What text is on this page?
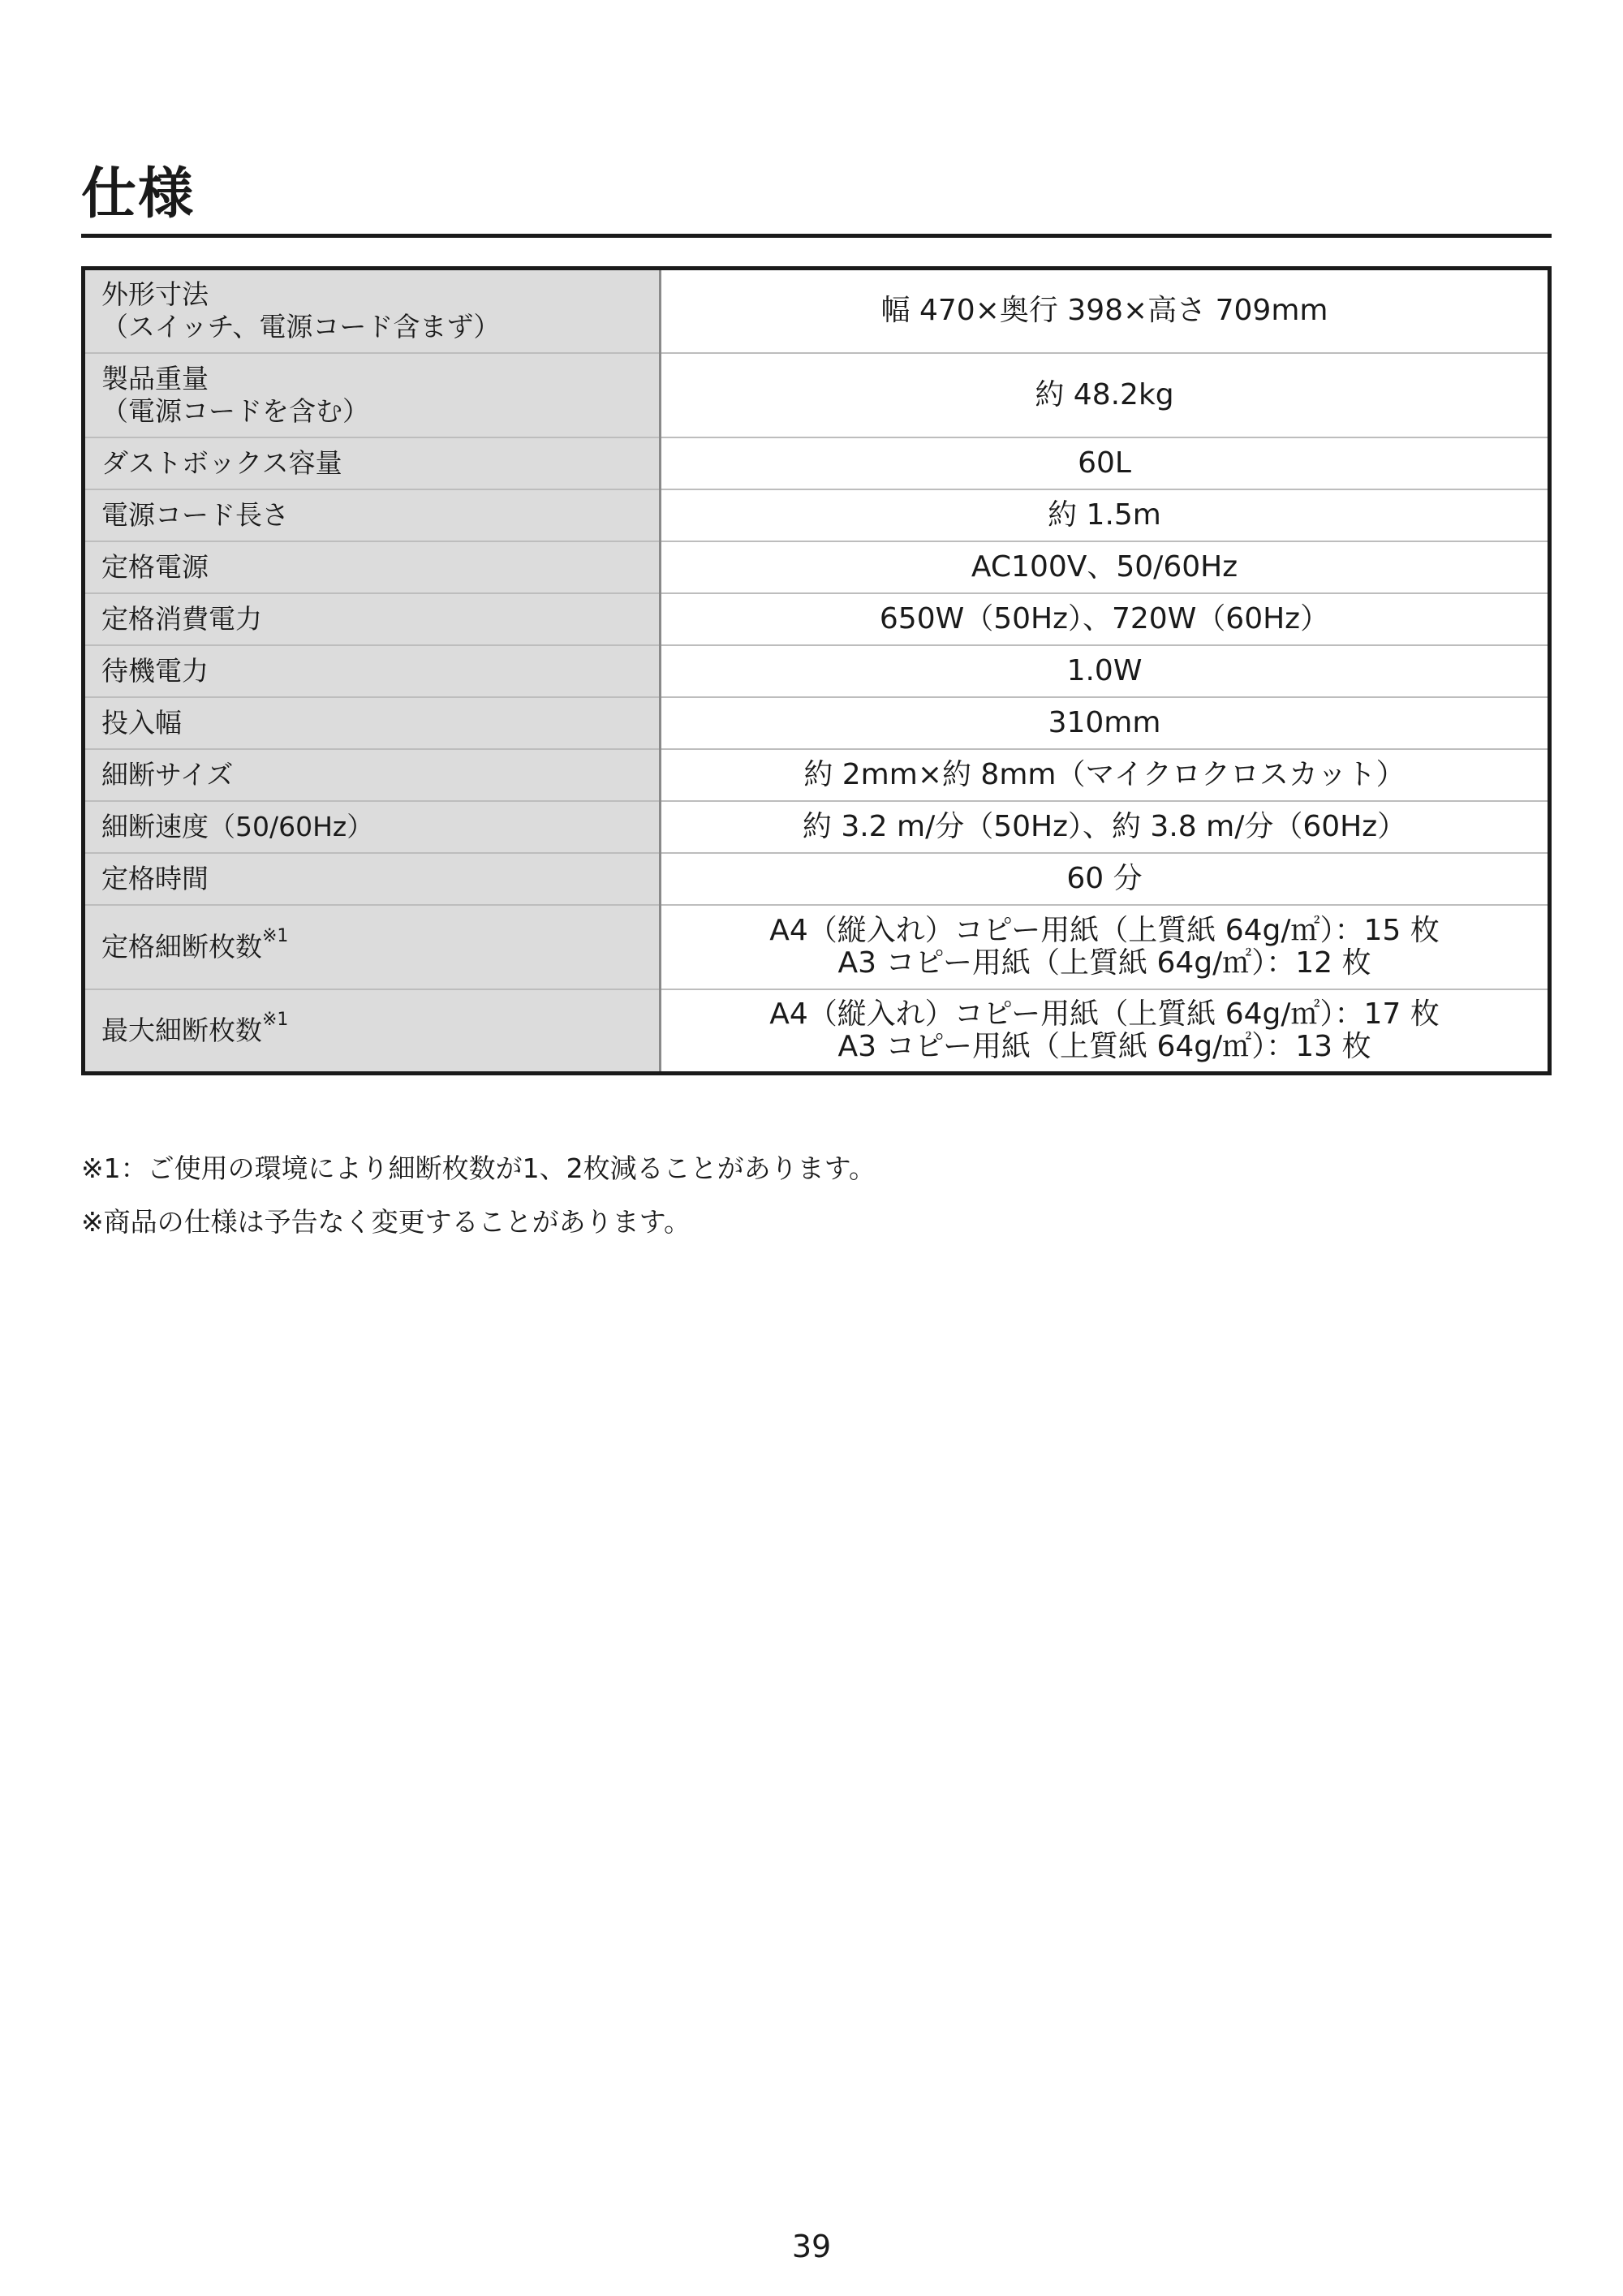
仕様
外形寸法
（スイッチ、電源コード含まず）	幅 470×奥行 398×高さ 709mm

製品重量
（電源コードを含む）	約 48.2kg

ダストボックス容量	60L
電源コード長さ	約 1.5m
定格電源	AC100V、50/60Hz
定格消費電力	650W（50Hz）、720W（60Hz）
待機電力	1.0W
投入幅	310mm
細断サイズ	約 2mm×約 8mm（マイクロクロスカット）
細断速度（50/60Hz）	約 3.2 m/分（50Hz）、約 3.8 m/分（60Hz）
定格時間	60 分
定格細断枚数$^{※1}$	A4（縦入れ）コピー用紙（上質紙 64g/㎡）：15 枚
A3 コピー用紙（上質紙 64g/㎡）：12 枚

最大細断枚数$^{※1}$	A4（縦入れ）コピー用紙（上質紙 64g/㎡）：17 枚
A3 コピー用紙（上質紙 64g/㎡）：13 枚
※1：ご使用の環境により細断枚数が1、2枚減ることがあります。
※商品の仕様は予告なく変更することがあります。
39
